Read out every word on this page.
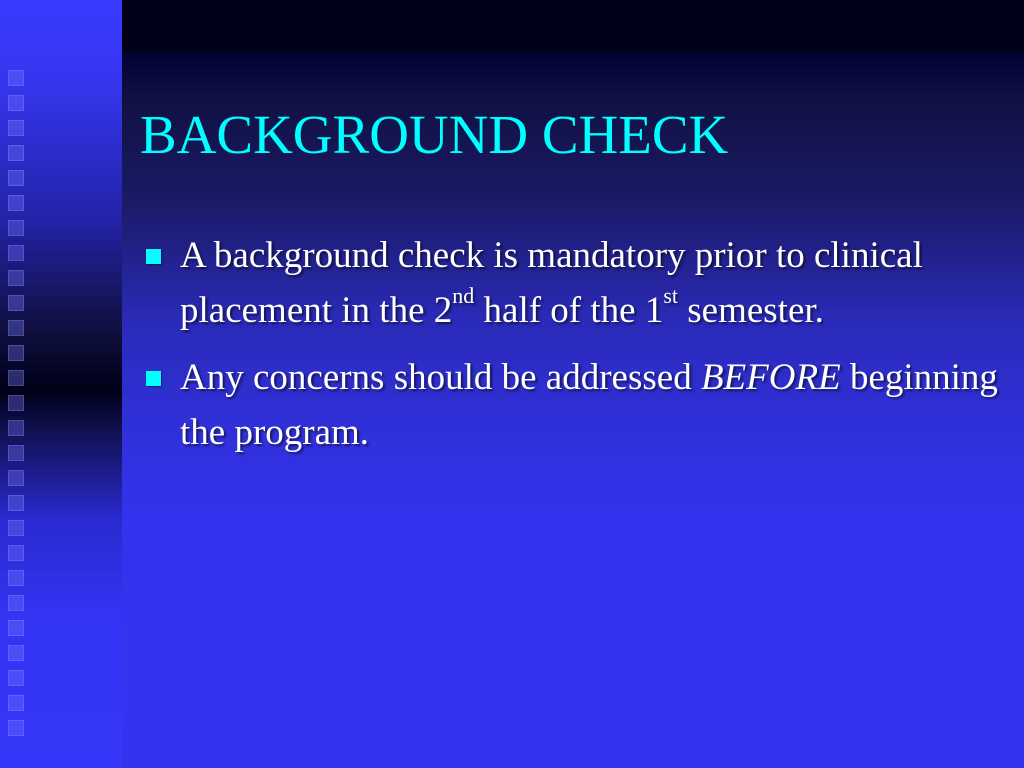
BACKGROUND CHECK
A background check is mandatory prior to clinical placement in the 2nd half of the 1st semester.
Any concerns should be addressed BEFORE beginning the program.
